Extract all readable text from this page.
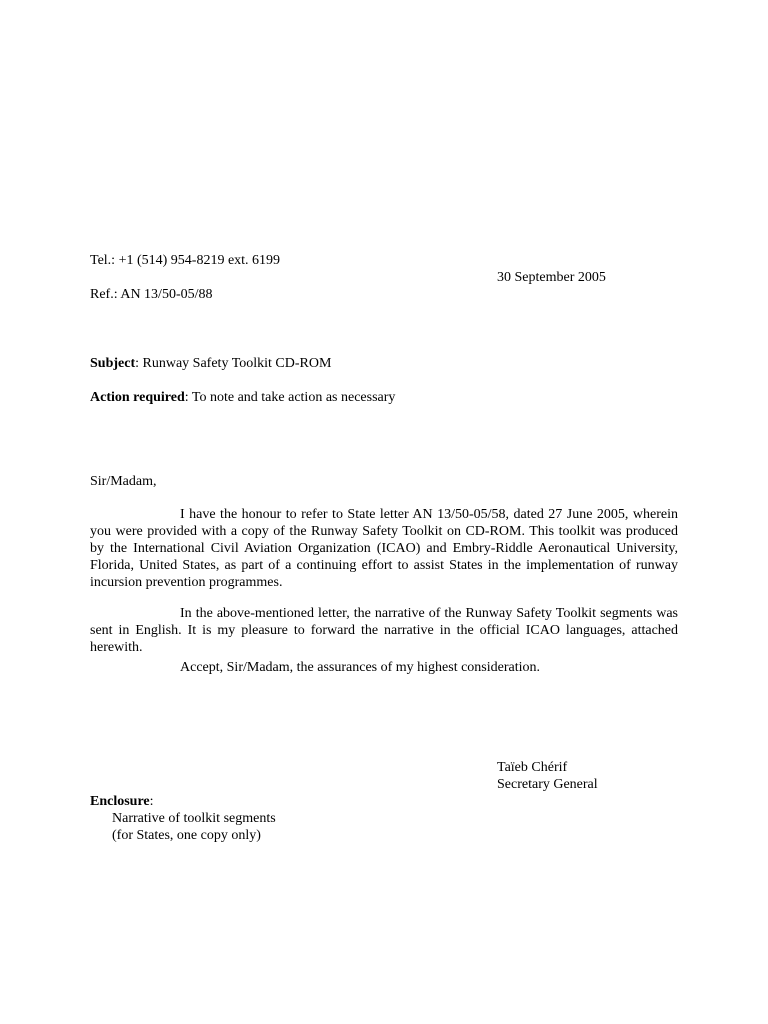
Tel.: +1 (514) 954-8219 ext. 6199
30 September 2005
Ref.: AN 13/50-05/88
Subject: Runway Safety Toolkit CD-ROM
Action required: To note and take action as necessary
Sir/Madam,
I have the honour to refer to State letter AN 13/50-05/58, dated 27 June 2005, wherein you were provided with a copy of the Runway Safety Toolkit on CD-ROM. This toolkit was produced by the International Civil Aviation Organization (ICAO) and Embry-Riddle Aeronautical University, Florida, United States, as part of a continuing effort to assist States in the implementation of runway incursion prevention programmes.
In the above-mentioned letter, the narrative of the Runway Safety Toolkit segments was sent in English. It is my pleasure to forward the narrative in the official ICAO languages, attached herewith.
Accept, Sir/Madam, the assurances of my highest consideration.
Taïeb Chérif
Secretary General
Enclosure:
Narrative of toolkit segments
(for States, one copy only)
